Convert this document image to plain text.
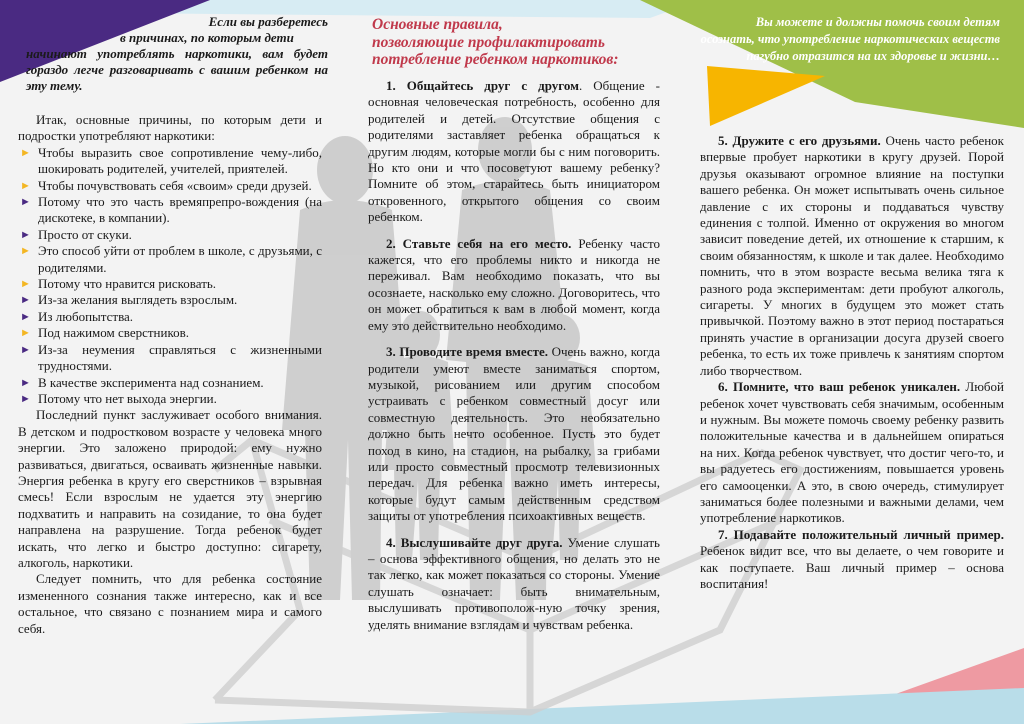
Если вы разберетесь
в причинах, по которым дети
начинают употреблять наркотики, вам будет гораздо легче разговаривать с вашим ребенком на эту тему.
Основные правила,
позволяющие профилактировать
потребление ребенком наркотиков:
Вы можете и должны помочь своим детям осознать, что употребление наркотических веществ пагубно отразится на их здоровье и жизни…

Итак, основные причины, по которым дети и подростки употребляют наркотики:

► Чтобы выразить свое сопротивление чему-либо, шокировать родителей, учителей, приятелей.

► Чтобы почувствовать себя «своим» среди друзей.

► Потому что это часть времяпрепро-вождения (на дискотеке, в компании).

► Просто от скуки.

► Это способ уйти от проблем в школе, с друзьями, с родителями.

► Потому что нравится рисковать.

► Из-за желания выглядеть взрослым.

► Из любопытства.

► Под нажимом сверстников.

► Из-за неумения справляться с жизненными трудностями.

► В качестве эксперимента над сознанием.

► Потому что нет выхода энергии.

Последний пункт заслуживает особого внимания. В детском и подростковом возрасте у человека много энергии. Это заложено природой: ему нужно развиваться, двигаться, осваивать жизненные навыки. Энергия ребенка в кругу его сверстников – взрывная смесь! Если взрослым не удается эту энергию подхватить и направить на созидание, то она будет направлена на разрушение. Тогда ребенок будет искать, что легко и быстро доступно: сигарету, алкоголь, наркотики.

Следует помнить, что для ребенка состояние измененного сознания также интересно, как и все остальное, что связано с познанием мира и самого себя.

1. Общайтесь друг с другом. Общение - основная человеческая потребность, особенно для родителей и детей. Отсутствие общения с родителями заставляет ребенка обращаться к другим людям, которые могли бы с ним поговорить. Но кто они и что посоветуют вашему ребенку? Помните об этом, старайтесь быть инициатором откровенного, открытого общения со своим ребенком.

2. Ставьте себя на его место. Ребенку часто кажется, что его проблемы никто и никогда не переживал. Вам необходимо показать, что вы осознаете, насколько ему сложно. Договоритесь, что он может обратиться к вам в любой момент, когда ему это действительно необходимо.

3. Проводите время вместе. Очень важно, когда родители умеют вместе заниматься спортом, музыкой, рисованием или другим способом устраивать с ребенком совместный досуг или совместную деятельность. Это необязательно должно быть нечто особенное. Пусть это будет поход в кино, на стадион, на рыбалку, за грибами или просто совместный просмотр телевизионных передач. Для ребенка важно иметь интересы, которые будут самым действенным средством защиты от употребления психоактивных веществ.

4. Выслушивайте друг друга. Умение слушать – основа эффективного общения, но делать это не так легко, как может показаться со стороны. Умение слушать означает: быть внимательным, выслушивать противополож-ную точку зрения, уделять внимание взглядам и чувствам ребенка.

5. Дружите с его друзьями. Очень часто ребенок впервые пробует наркотики в кругу друзей. Порой друзья оказывают огромное влияние на поступки вашего ребенка. Он может испытывать очень сильное давление с их стороны и поддаваться чувству единения с толпой. Именно от окружения во многом зависит поведение детей, их отношение к старшим, к своим обязанностям, к школе и так далее. Необходимо помнить, что в этом возрасте весьма велика тяга к разного рода экспериментам: дети пробуют алкоголь, сигареты. У многих в будущем это может стать привычкой. Поэтому важно в этот период постараться принять участие в организации досуга друзей своего ребенка, то есть их тоже привлечь к занятиям спортом либо творчеством.

6. Помните, что ваш ребенок уникален. Любой ребенок хочет чувствовать себя значимым, особенным и нужным. Вы можете помочь своему ребенку развить положительные качества и в дальнейшем опираться на них. Когда ребенок чувствует, что достиг чего-то, и вы радуетесь его достижениям, повышается уровень его самооценки. А это, в свою очередь, стимулирует заниматься более полезными и важными делами, чем употребление наркотиков.

7. Подавайте положительный личный пример. Ребенок видит все, что вы делаете, о чем говорите и как поступаете. Ваш личный пример – основа воспитания!
